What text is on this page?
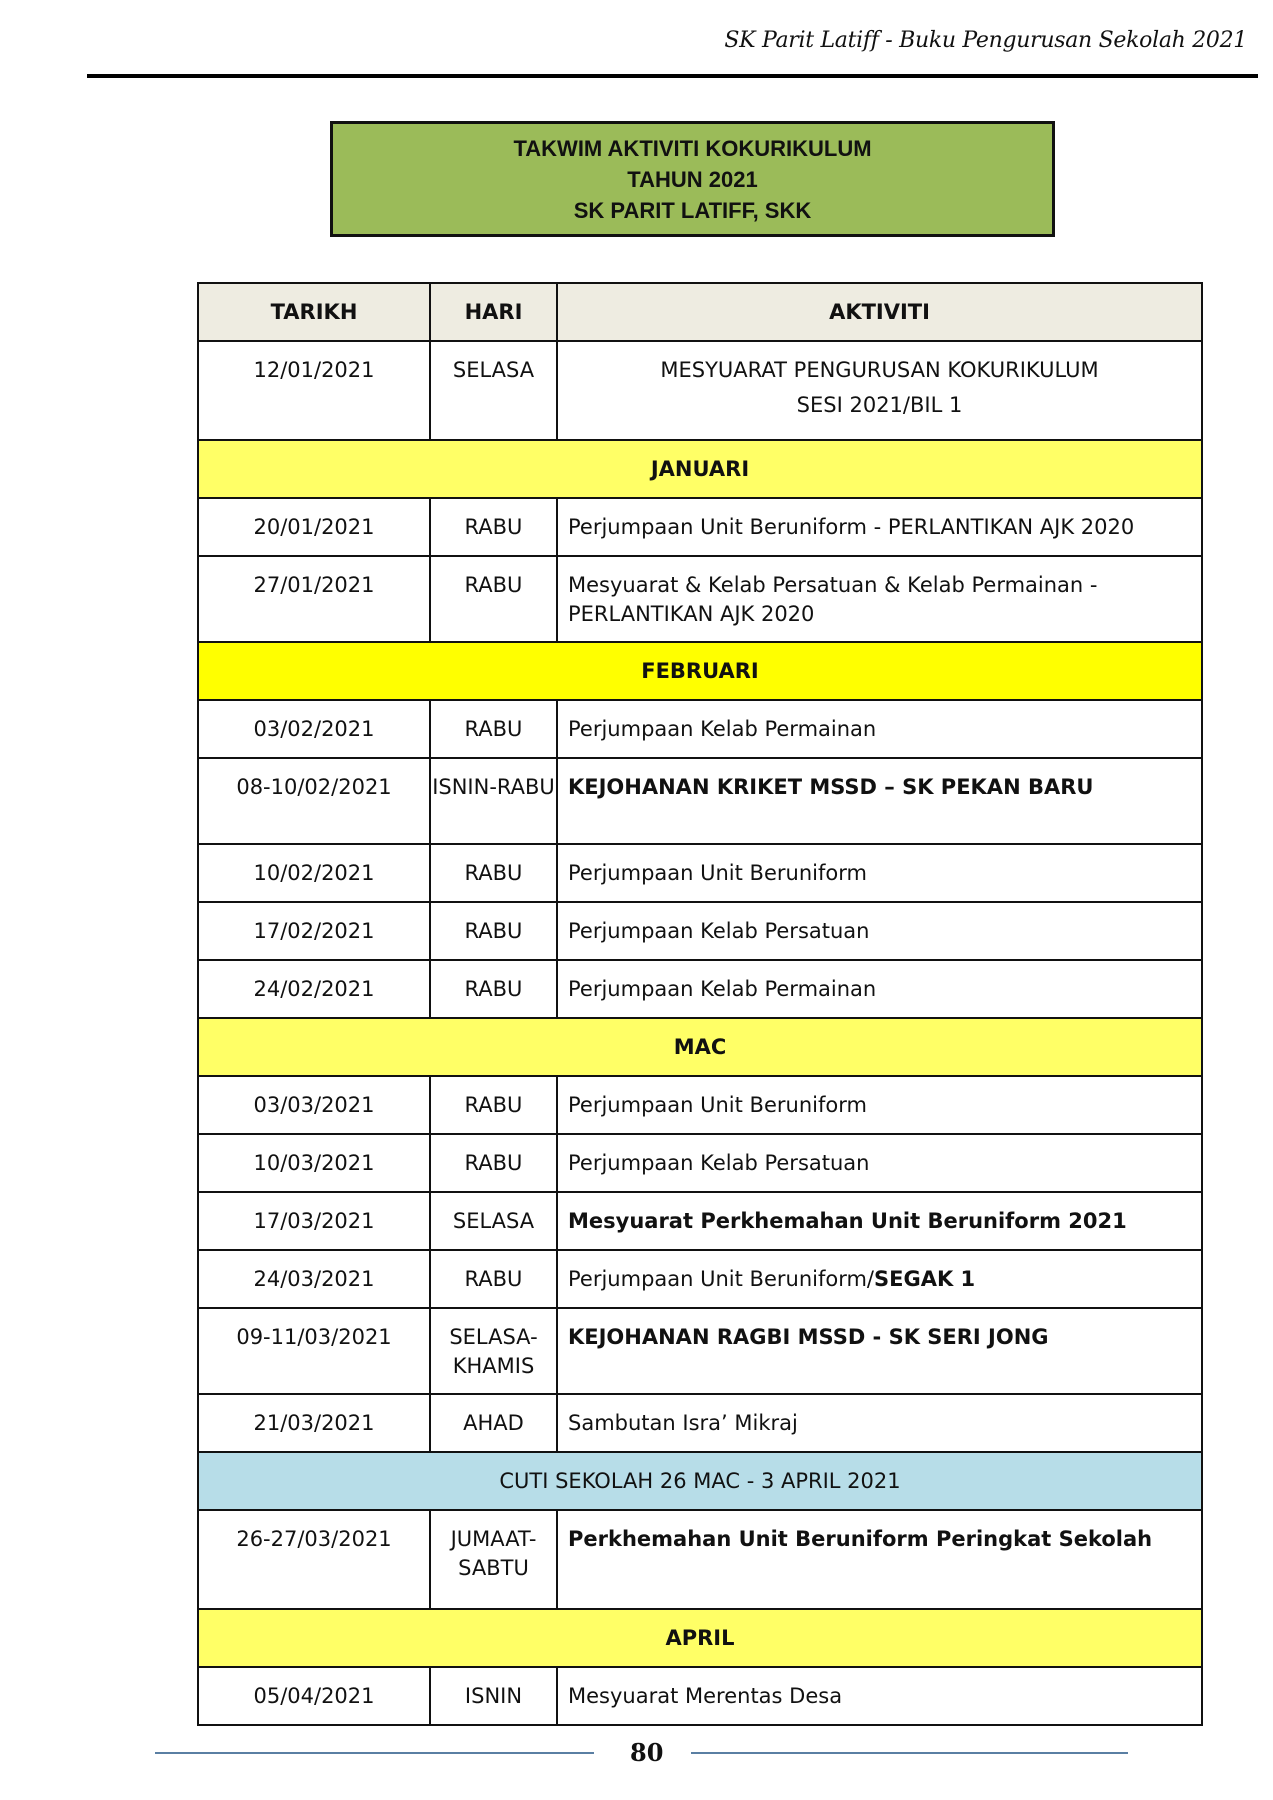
SK Parit Latiff - Buku Pengurusan Sekolah 2021
TAKWIM AKTIVITI KOKURIKULUM
TAHUN 2021
SK PARIT LATIFF, SKK
TARIKH	HARI	AKTIVITI

12/01/2021	SELASA	MESYUARAT PENGURUSAN KOKURIKULUM
SESI 2021/BIL 1

JANUARI		

20/01/2021	RABU	Perjumpaan Unit Beruniform - PERLANTIKAN AJK 2020

27/01/2021	RABU	Mesyuarat & Kelab Persatuan & Kelab Permainan - PERLANTIKAN AJK 2020

FEBRUARI		

03/02/2021	RABU	Perjumpaan Kelab Permainan

08-10/02/2021	ISNIN-RABU	KEJOHANAN KRIKET MSSD – SK PEKAN BARU

10/02/2021	RABU	Perjumpaan Unit Beruniform

17/02/2021	RABU	Perjumpaan Kelab Persatuan

24/02/2021	RABU	Perjumpaan Kelab Permainan

MAC		

03/03/2021	RABU	Perjumpaan Unit Beruniform

10/03/2021	RABU	Perjumpaan Kelab Persatuan

17/03/2021	SELASA	Mesyuarat Perkhemahan Unit Beruniform 2021

24/03/2021	RABU	Perjumpaan Unit Beruniform/SEGAK 1

09-11/03/2021	SELASA-KHAMIS	KEJOHANAN RAGBI MSSD - SK SERI JONG

21/03/2021	AHAD	Sambutan Isra’ Mikraj

CUTI SEKOLAH 26 MAC - 3 APRIL 2021		

26-27/03/2021	JUMAAT-SABTU	Perkhemahan Unit Beruniform Peringkat Sekolah

APRIL		

05/04/2021	ISNIN	Mesyuarat Merentas Desa
80
